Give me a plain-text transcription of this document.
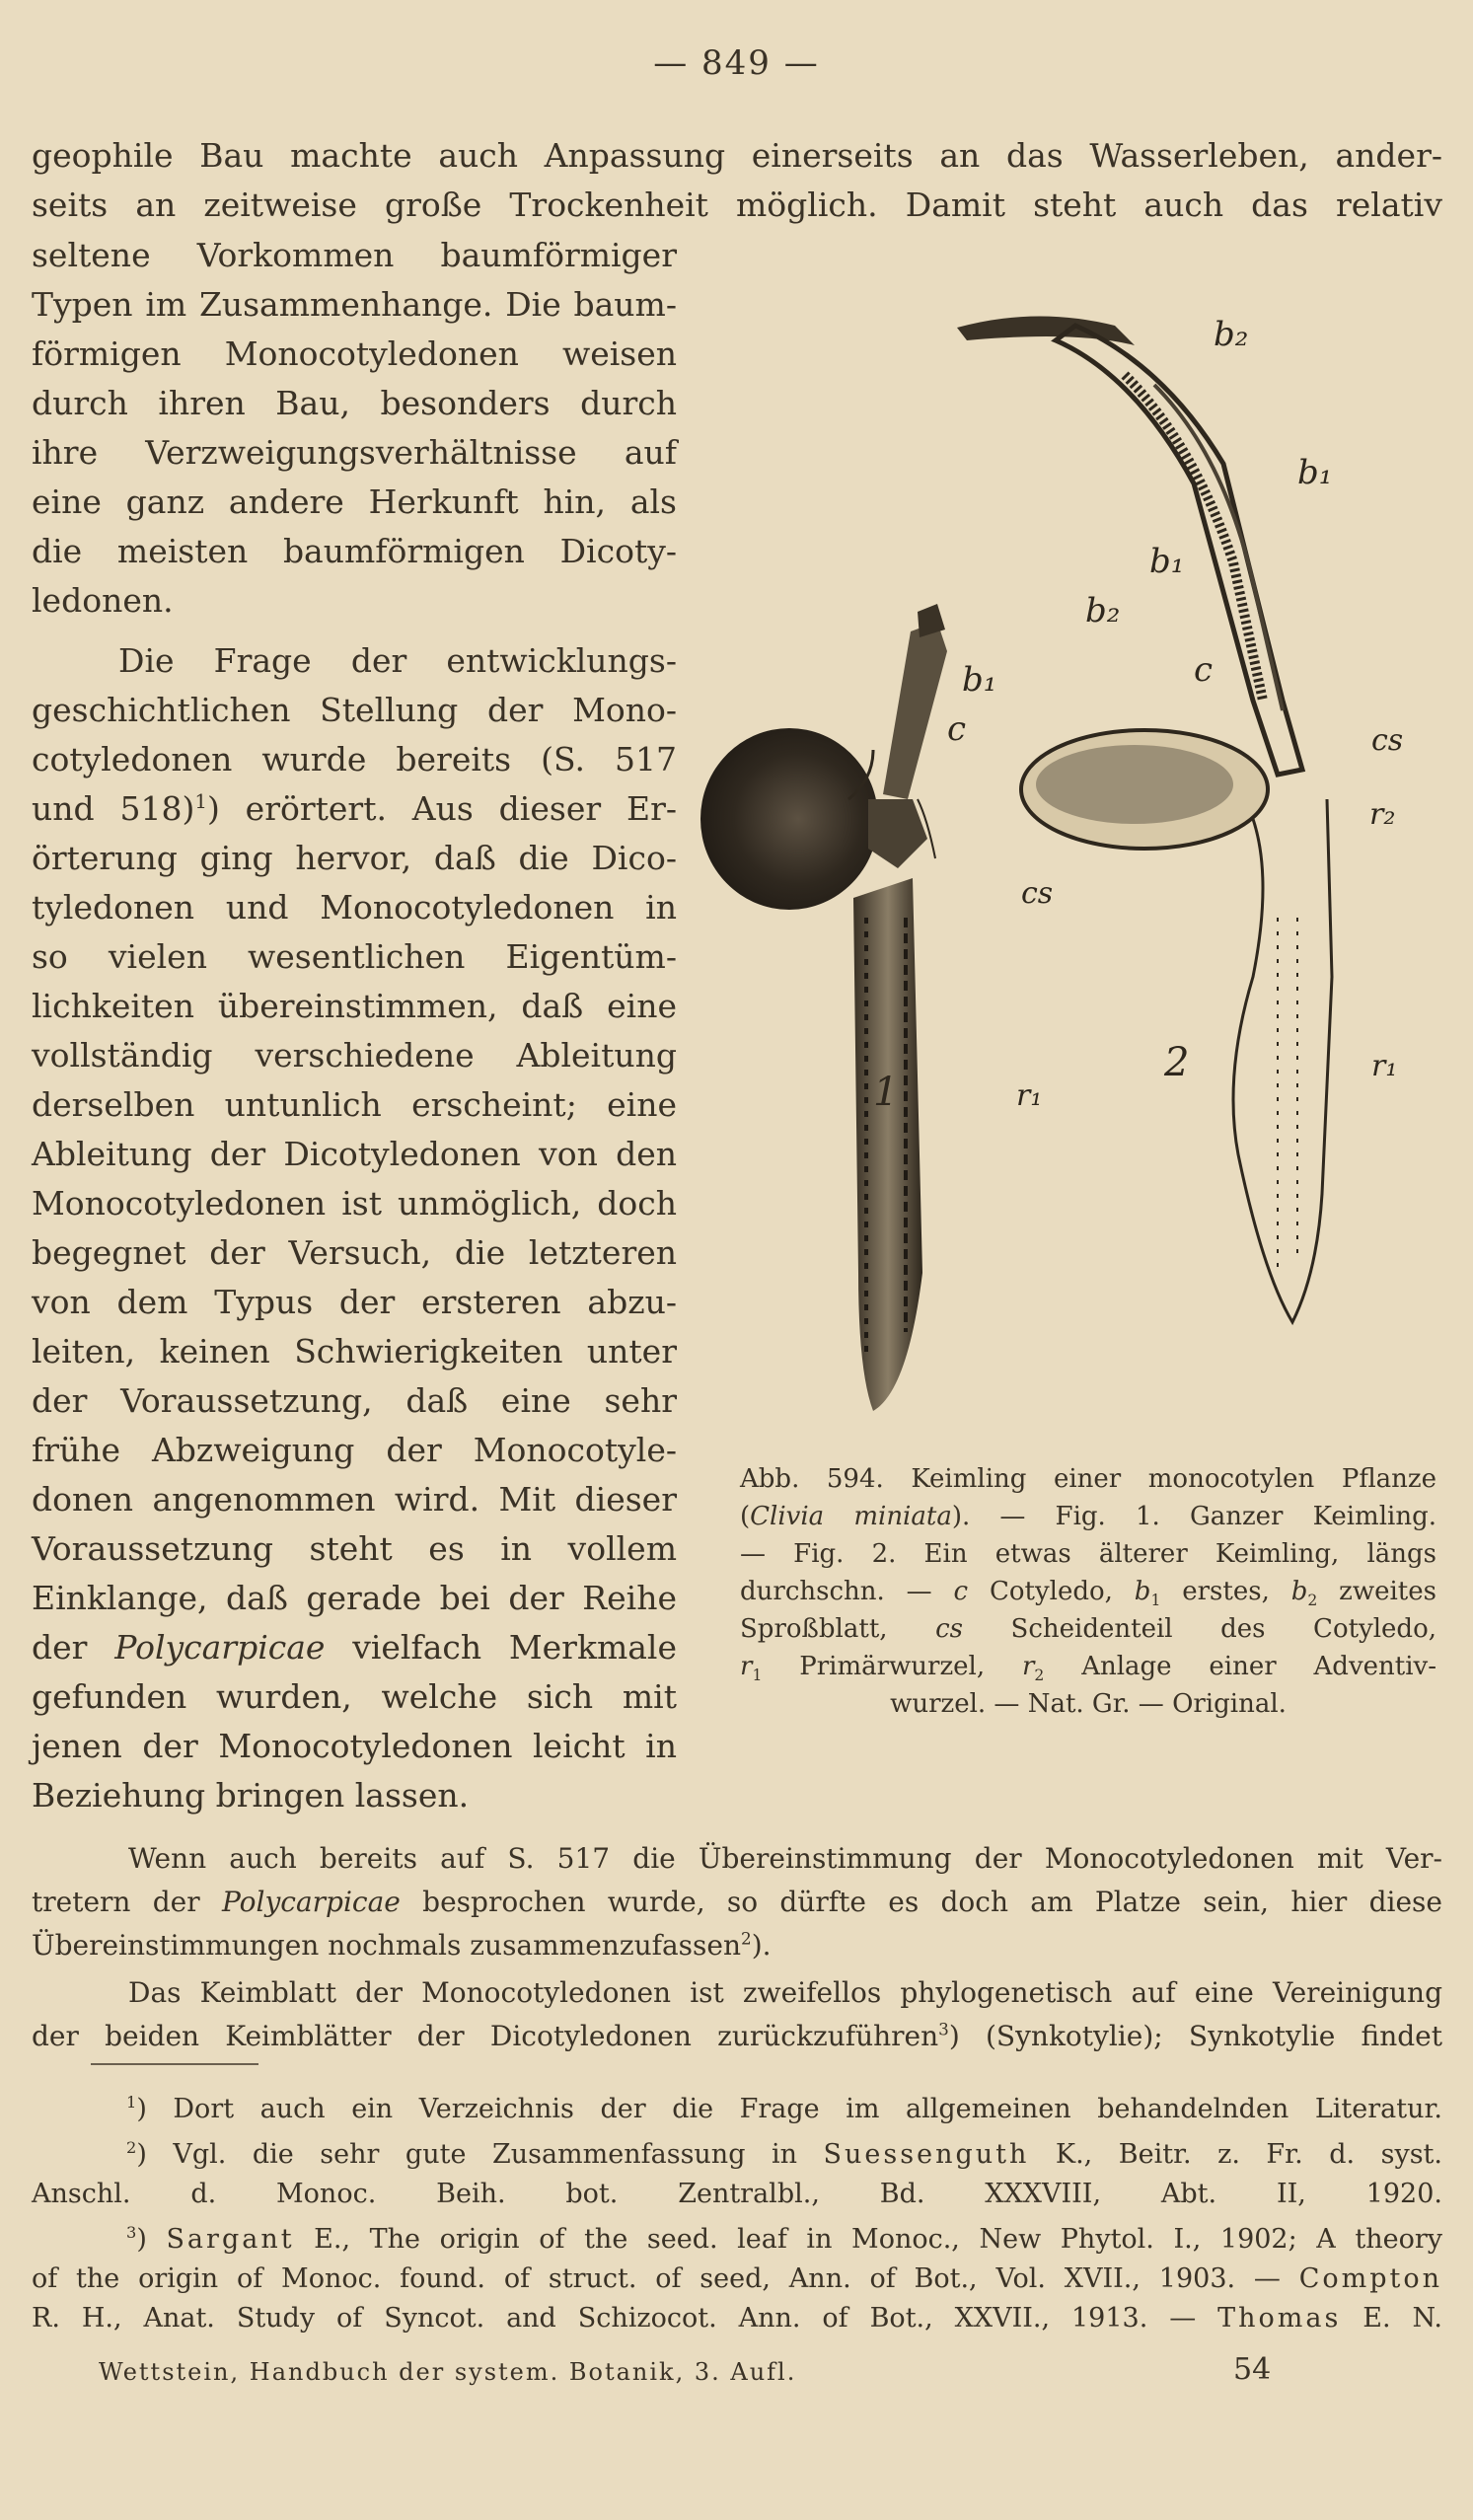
— 849 —
geophile Bau machte auch Anpassung einerseits an das Wasserleben, ander-
seits an zeitweise große Trockenheit möglich. Damit steht auch das relativ
seltene Vorkommen baumförmiger
Typen im Zusammenhange. Die baum-
förmigen Monocotyledonen weisen
durch ihren Bau, besonders durch
ihre Verzweigungsverhältnisse auf
eine ganz andere Herkunft hin, als
die meisten baumförmigen Dicoty-
ledonen.
Die Frage der entwicklungs-
geschichtlichen Stellung der Mono-
cotyledonen wurde bereits (S. 517
und 518)$^1$) erörtert. Aus dieser Er-
örterung ging hervor, daß die Dico-
tyledonen und Monocotyledonen in
so vielen wesentlichen Eigentüm-
lichkeiten übereinstimmen, daß eine
vollständig verschiedene Ableitung
derselben untunlich erscheint; eine
Ableitung der Dicotyledonen von den
Monocotyledonen ist unmöglich, doch
begegnet der Versuch, die letzteren
von dem Typus der ersteren abzu-
leiten, keinen Schwierigkeiten unter
der Voraussetzung, daß eine sehr
frühe Abzweigung der Monocotyle-
donen angenommen wird. Mit dieser
Voraussetzung steht es in vollem
Einklange, daß gerade bei der Reihe
der Polycarpicae vielfach Merkmale
gefunden wurden, welche sich mit
jenen der Monocotyledonen leicht in
Beziehung bringen lassen.
b₂
b₁
b₁
b₂
b₁
c
c
cs
r₂
cs
1	r₁
2	r₁
Abb. 594. Keimling einer monocotylen Pflanze
(Clivia miniata). — Fig. 1. Ganzer Keimling.
— Fig. 2. Ein etwas älterer Keimling, längs
durchschn. — c Cotyledo, $b_1$ erstes, $b_2$ zweites
Sproßblatt, cs Scheidenteil des Cotyledo,
$r_1$ Primärwurzel, $r_2$ Anlage einer Adventiv-
wurzel. — Nat. Gr. — Original.
Wenn auch bereits auf S. 517 die Übereinstimmung der Monocotyledonen mit Ver-
tretern der Polycarpicae besprochen wurde, so dürfte es doch am Platze sein, hier diese
Übereinstimmungen nochmals zusammenzufassen$^2$).
Das Keimblatt der Monocotyledonen ist zweifellos phylogenetisch auf eine Vereinigung
der beiden Keimblätter der Dicotyledonen zurückzuführen$^3$) (Synkotylie); Synkotylie findet
$^1$) Dort auch ein Verzeichnis der die Frage im allgemeinen behandelnden Literatur.
$^2$) Vgl. die sehr gute Zusammenfassung in Suessenguth K., Beitr. z. Fr. d. syst.
Anschl. d. Monoc. Beih. bot. Zentralbl., Bd. XXXVIII, Abt. II, 1920.
$^3$) Sargant E., The origin of the seed. leaf in Monoc., New Phytol. I., 1902; A theory
of the origin of Monoc. found. of struct. of seed, Ann. of Bot., Vol. XVII., 1903. — Compton
R. H., Anat. Study of Syncot. and Schizocot. Ann. of Bot., XXVII., 1913. — Thomas E. N.
Wettstein, Handbuch der system. Botanik, 3. Aufl.	54
